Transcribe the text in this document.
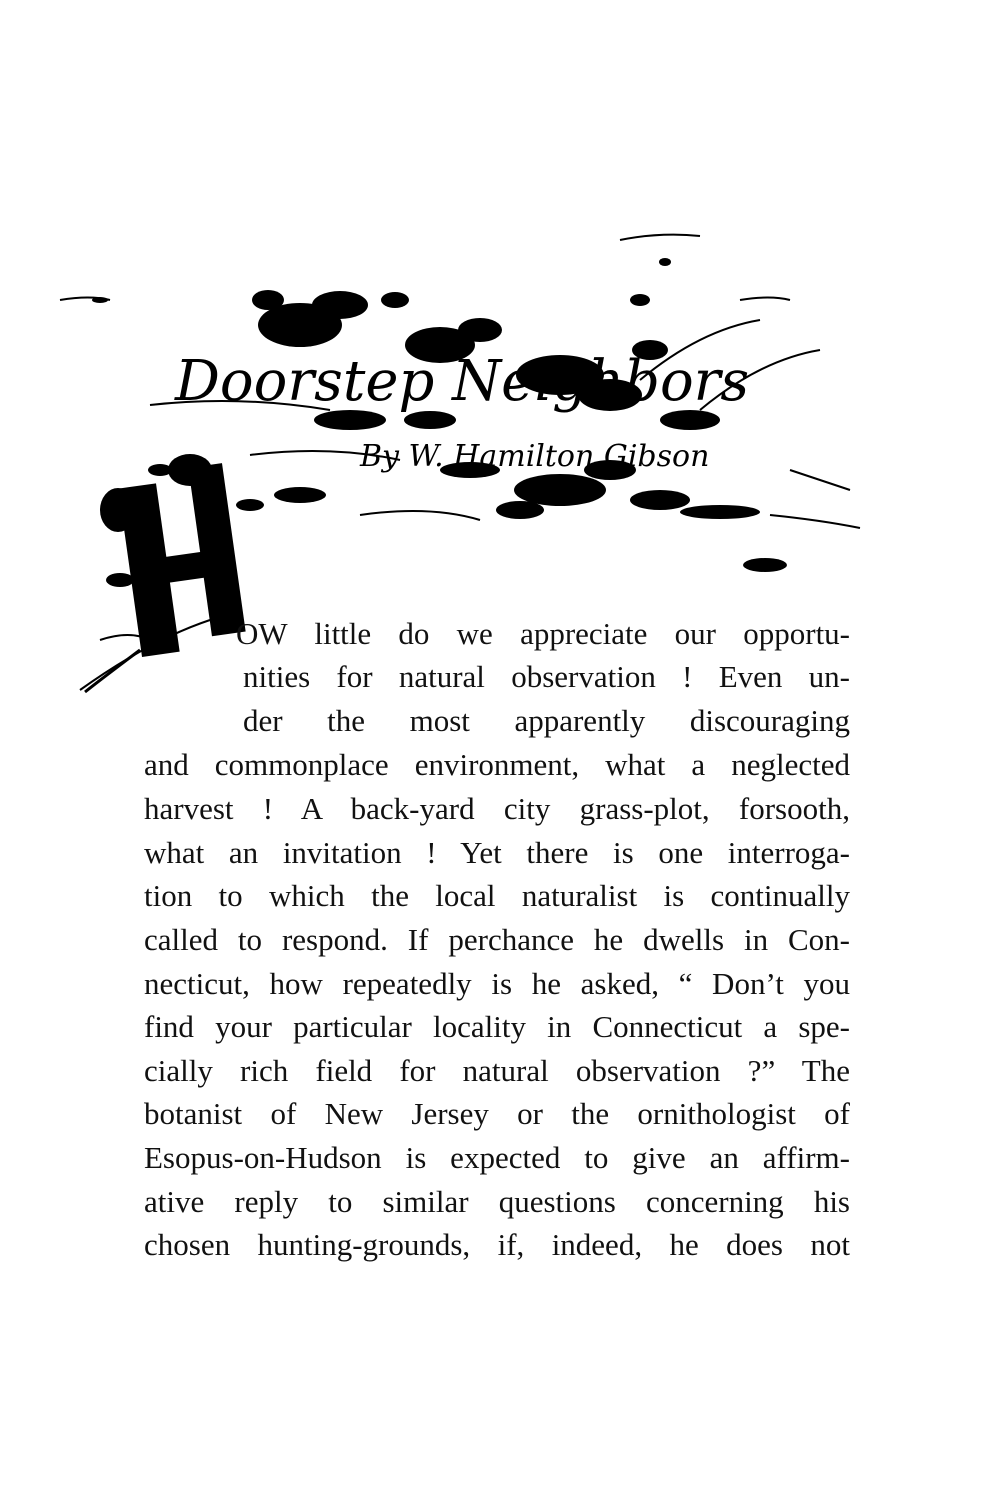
Doorstep Neighbors
By W. Hamilton Gibson
OW little do we appreciate our opportu-
nities for natural observation ! Even un-
der the most apparently discouraging
and commonplace environment, what a neglected
harvest ! A back-yard city grass-plot, forsooth,
what an invitation ! Yet there is one interroga-
tion to which the local naturalist is continually
called to respond. If perchance he dwells in Con-
necticut, how repeatedly is he asked, “ Don’t you
find your particular locality in Connecticut a spe-
cially rich field for natural observation ?” The
botanist of New Jersey or the ornithologist of
Esopus-on-Hudson is expected to give an affirm-
ative reply to similar questions concerning his
chosen hunting-grounds, if, indeed, he does not
